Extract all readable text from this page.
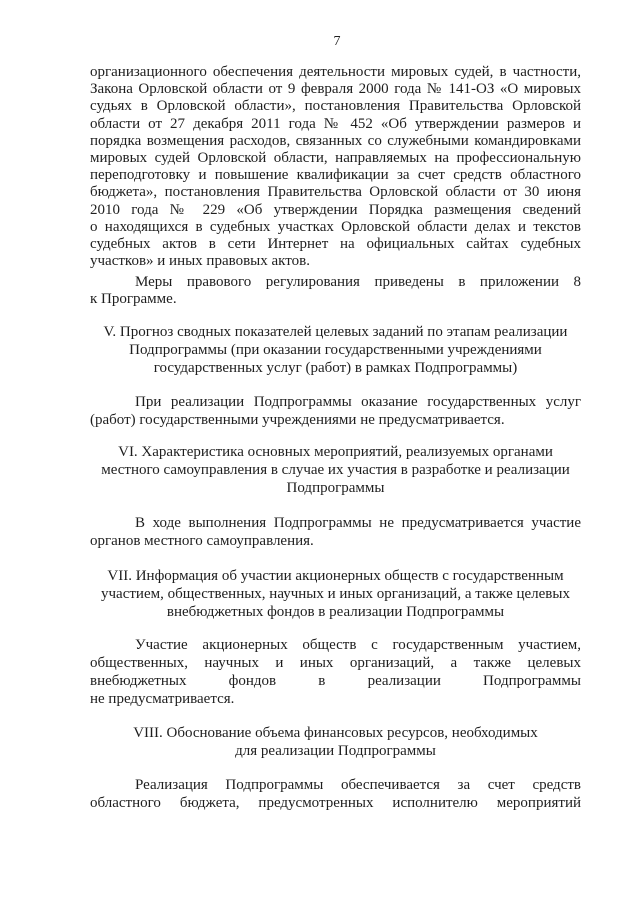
7
организационного обеспечения деятельности мировых судей, в частности,
Закона Орловской области от 9 февраля 2000 года № 141-ОЗ «О мировых
судьях в Орловской области», постановления Правительства Орловской
области от 27 декабря 2011 года № 452 «Об утверждении размеров и
порядка возмещения расходов, связанных со служебными командировками
мировых судей Орловской области, направляемых на профессиональную
переподготовку и повышение квалификации за счет средств областного
бюджета», постановления Правительства Орловской области от 30 июня
2010 года № 229 «Об утверждении Порядка размещения сведений
о находящихся в судебных участках Орловской области делах и текстов
судебных актов в сети Интернет на официальных сайтах судебных
участков» и иных правовых актов.
Меры правового регулирования приведены в приложении 8
к Программе.
V. Прогноз сводных показателей целевых заданий по этапам реализации
Подпрограммы (при оказании государственными учреждениями
государственных услуг (работ) в рамках Подпрограммы)
При реализации Подпрограммы оказание государственных услуг
(работ) государственными учреждениями не предусматривается.
VI. Характеристика основных мероприятий, реализуемых органами
местного самоуправления в случае их участия в разработке и реализации
Подпрограммы
В ходе выполнения Подпрограммы не предусматривается участие
органов местного самоуправления.
VII. Информация об участии акционерных обществ с государственным
участием, общественных, научных и иных организаций, а также целевых
внебюджетных фондов в реализации Подпрограммы
Участие акционерных обществ с государственным участием,
общественных, научных и иных организаций, а также целевых
внебюджетных фондов в реализации Подпрограммы
не предусматривается.
VIII. Обоснование объема финансовых ресурсов, необходимых
для реализации Подпрограммы
Реализация Подпрограммы обеспечивается за счет средств
областного бюджета, предусмотренных исполнителю мероприятий
